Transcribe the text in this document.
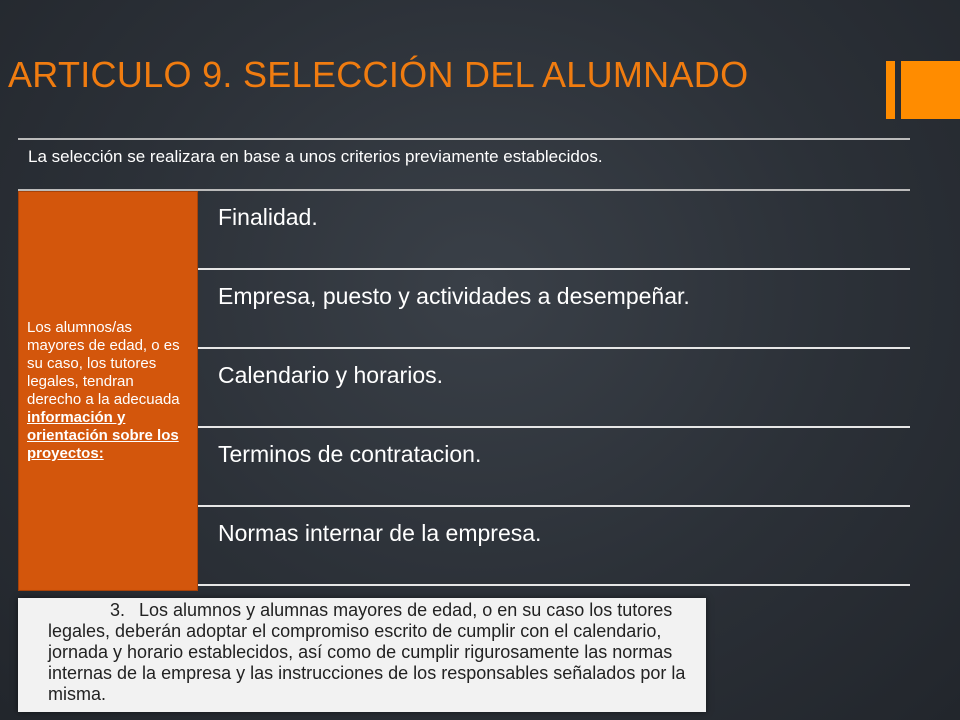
ARTICULO 9. SELECCIÓN DEL ALUMNADO
La selección se realizara en base a unos criterios previamente establecidos.
Los alumnos/as mayores de edad, o es su caso, los tutores legales, tendran derecho a la adecuada información y orientación sobre los proyectos:
Finalidad.
Empresa, puesto y actividades a desempeñar.
Calendario y horarios.
Terminos de contratacion.
Normas internar de la empresa.
3. Los alumnos y alumnas mayores de edad, o en su caso los tutores legales, deberán adoptar el compromiso escrito de cumplir con el calendario, jornada y horario establecidos, así como de cumplir rigurosamente las normas internas de la empresa y las instrucciones de los responsables señalados por la misma.
